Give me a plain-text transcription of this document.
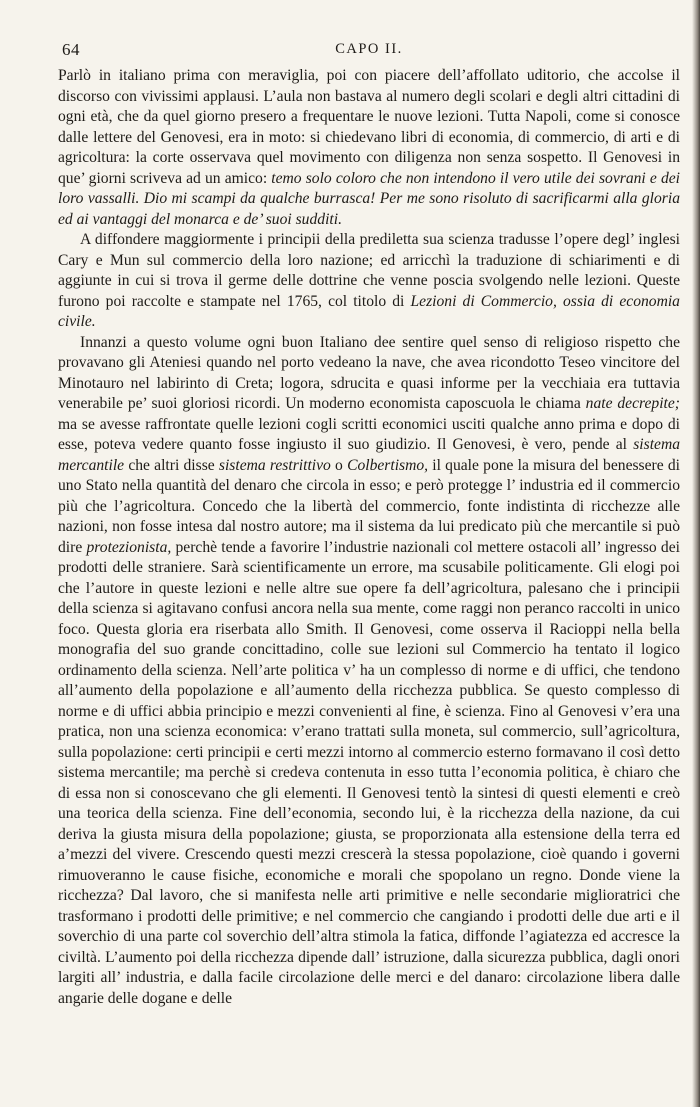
64	CAPO II.

Parlò in italiano prima con meraviglia, poi con piacere dell’affollato uditorio, che accolse il discorso con vivissimi applausi. L’aula non bastava al numero degli scolari e degli altri cittadini di ogni età, che da quel giorno presero a frequentare le nuove lezioni. Tutta Napoli, come si conosce dalle lettere del Genovesi, era in moto: si chiedevano libri di economia, di commercio, di arti e di agricoltura: la corte osservava quel movimento con diligenza non senza sospetto. Il Genovesi in que’ giorni scriveva ad un amico: temo solo coloro che non intendono il vero utile dei sovrani e dei loro vassalli. Dio mi scampi da qualche burrasca! Per me sono risoluto di sacrificarmi alla gloria ed ai vantaggi del monarca e de’ suoi sudditi.

A diffondere maggiormente i principii della prediletta sua scienza tradusse l’opere degl’ inglesi Cary e Mun sul commercio della loro nazione; ed arricchì la traduzione di schiarimenti e di aggiunte in cui si trova il germe delle dottrine che venne poscia svolgendo nelle lezioni. Queste furono poi raccolte e stampate nel 1765, col titolo di Lezioni di Commercio, ossia di economia civile.

Innanzi a questo volume ogni buon Italiano dee sentire quel senso di religioso rispetto che provavano gli Ateniesi quando nel porto vedeano la nave, che avea ricondotto Teseo vincitore del Minotauro nel labirinto di Creta; logora, sdrucita e quasi informe per la vecchiaia era tuttavia venerabile pe’ suoi gloriosi ricordi. Un moderno economista caposcuola le chiama nate decrepite; ma se avesse raffrontate quelle lezioni cogli scritti economici usciti qualche anno prima e dopo di esse, poteva vedere quanto fosse ingiusto il suo giudizio. Il Genovesi, è vero, pende al sistema mercantile che altri disse sistema restrittivo o Colbertismo, il quale pone la misura del benessere di uno Stato nella quantità del denaro che circola in esso; e però protegge l’ industria ed il commercio più che l’agricoltura. Concedo che la libertà del commercio, fonte indistinta di ricchezze alle nazioni, non fosse intesa dal nostro autore; ma il sistema da lui predicato più che mercantile si può dire protezionista, perchè tende a favorire l’industrie nazionali col mettere ostacoli all’ ingresso dei prodotti delle straniere. Sarà scientificamente un errore, ma scusabile politicamente. Gli elogi poi che l’autore in queste lezioni e nelle altre sue opere fa dell’agricoltura, palesano che i principii della scienza si agitavano confusi ancora nella sua mente, come raggi non peranco raccolti in unico foco. Questa gloria era riserbata allo Smith. Il Genovesi, come osserva il Racioppi nella bella monografia del suo grande concittadino, colle sue lezioni sul Commercio ha tentato il logico ordinamento della scienza. Nell’arte politica v’ ha un complesso di norme e di uffici, che tendono all’aumento della popolazione e all’aumento della ricchezza pubblica. Se questo complesso di norme e di uffici abbia principio e mezzi convenienti al fine, è scienza. Fino al Genovesi v’era una pratica, non una scienza economica: v’erano trattati sulla moneta, sul commercio, sull’agricoltura, sulla popolazione: certi principii e certi mezzi intorno al commercio esterno formavano il così detto sistema mercantile; ma perchè si credeva contenuta in esso tutta l’economia politica, è chiaro che di essa non si conoscevano che gli elementi. Il Genovesi tentò la sintesi di questi elementi e creò una teorica della scienza. Fine dell’economia, secondo lui, è la ricchezza della nazione, da cui deriva la giusta misura della popolazione; giusta, se proporzionata alla estensione della terra ed a’mezzi del vivere. Crescendo questi mezzi crescerà la stessa popolazione, cioè quando i governi rimuoveranno le cause fisiche, economiche e morali che spopolano un regno. Donde viene la ricchezza? Dal lavoro, che si manifesta nelle arti primitive e nelle secondarie miglioratrici che trasformano i prodotti delle primitive; e nel commercio che cangiando i prodotti delle due arti e il soverchio di una parte col soverchio dell’altra stimola la fatica, diffonde l’agiatezza ed accresce la civiltà. L’aumento poi della ricchezza dipende dall’ istruzione, dalla sicurezza pubblica, dagli onori largiti all’ industria, e dalla facile circolazione delle merci e del danaro: circolazione libera dalle angarie delle dogane e delle
